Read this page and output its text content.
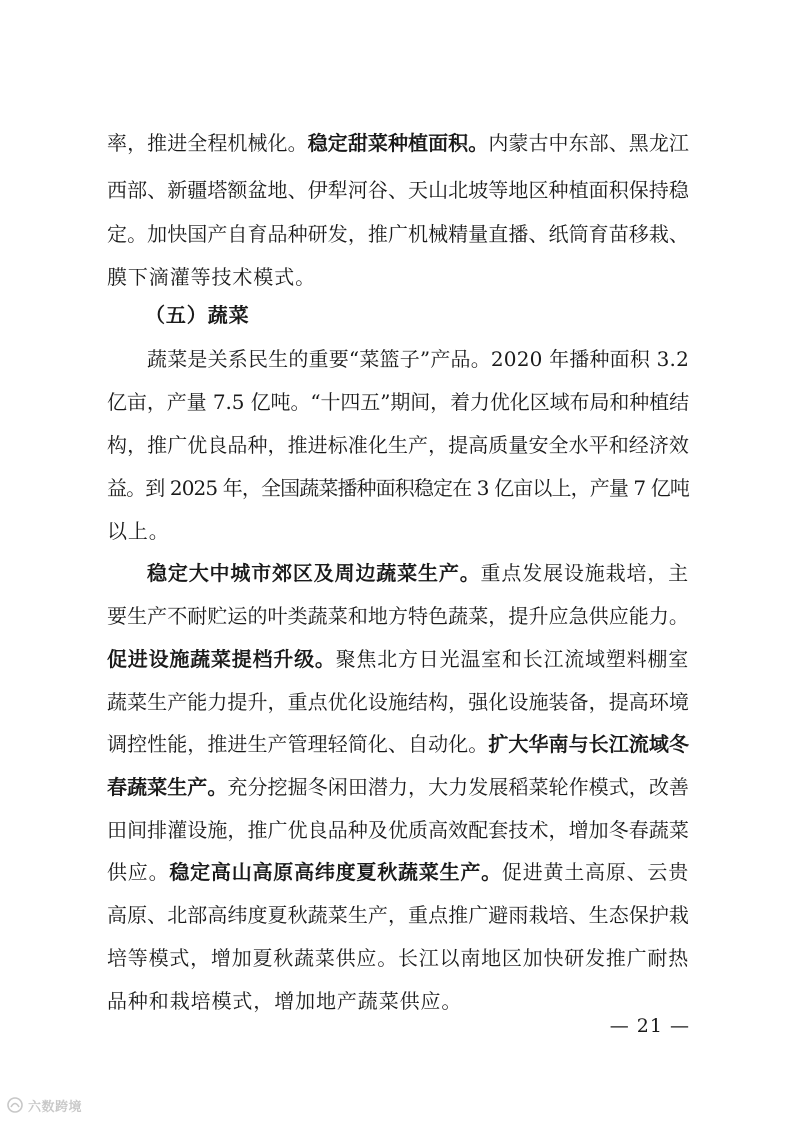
率，推进全程机械化。稳定甜菜种植面积。内蒙古中东部、黑龙江
西部、新疆塔额盆地、伊犁河谷、天山北坡等地区种植面积保持稳
定。加快国产自育品种研发，推广机械精量直播、纸筒育苗移栽、
膜下滴灌等技术模式。
（五）蔬菜
蔬菜是关系民生的重要“菜篮子”产品。2020 年播种面积 3.2
亿亩，产量 7.5 亿吨。“十四五”期间，着力优化区域布局和种植结
构，推广优良品种，推进标准化生产，提高质量安全水平和经济效
益。到 2025 年，全国蔬菜播种面积稳定在 3 亿亩以上，产量 7 亿吨
以上。
稳定大中城市郊区及周边蔬菜生产。重点发展设施栽培，主
要生产不耐贮运的叶类蔬菜和地方特色蔬菜，提升应急供应能力。
促进设施蔬菜提档升级。聚焦北方日光温室和长江流域塑料棚室
蔬菜生产能力提升，重点优化设施结构，强化设施装备，提高环境
调控性能，推进生产管理轻简化、自动化。扩大华南与长江流域冬
春蔬菜生产。充分挖掘冬闲田潜力，大力发展稻菜轮作模式，改善
田间排灌设施，推广优良品种及优质高效配套技术，增加冬春蔬菜
供应。稳定高山高原高纬度夏秋蔬菜生产。促进黄土高原、云贵
高原、北部高纬度夏秋蔬菜生产，重点推广避雨栽培、生态保护栽
培等模式，增加夏秋蔬菜供应。长江以南地区加快研发推广耐热
品种和栽培模式，增加地产蔬菜供应。
— 21 —
六数跨境
